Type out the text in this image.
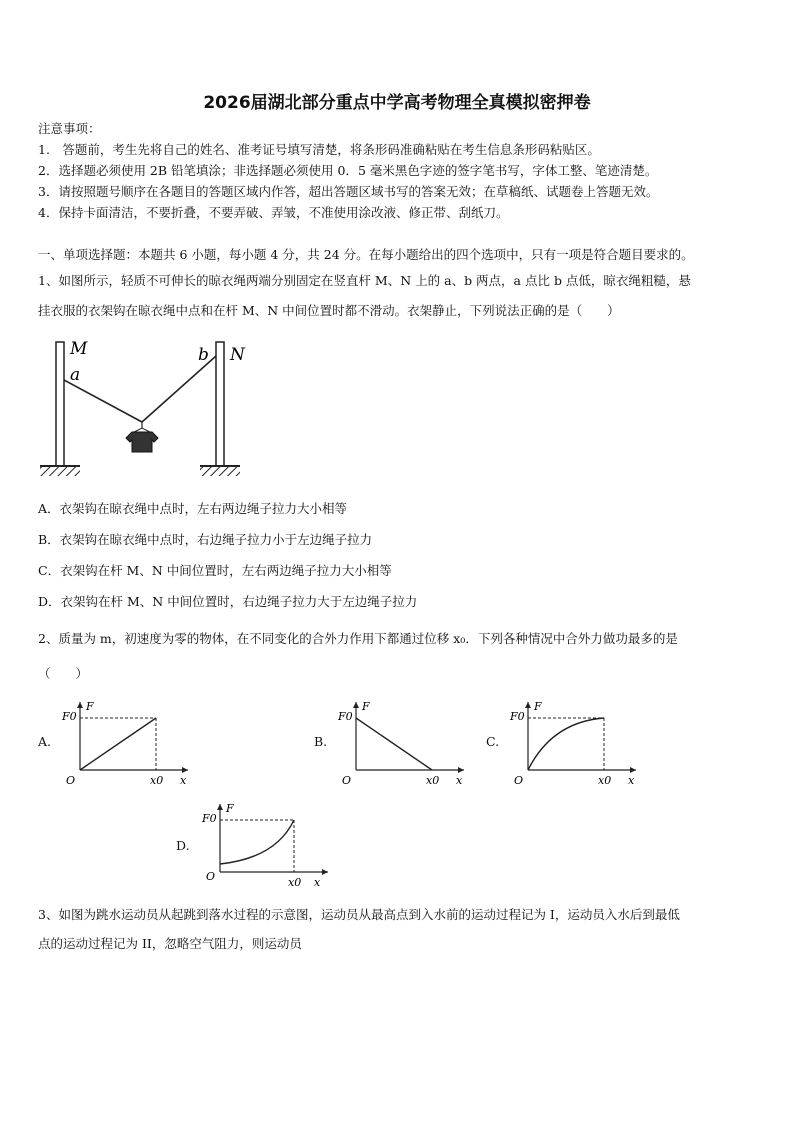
2026届湖北部分重点中学高考物理全真模拟密押卷
注意事项：
1.　答题前，考生先将自己的姓名、准考证号填写清楚，将条形码准确粘贴在考生信息条形码粘贴区。
2．选择题必须使用 2B 铅笔填涂；非选择题必须使用 0．5 毫米黑色字迹的签字笔书写，字体工整、笔迹清楚。
3．请按照题号顺序在各题目的答题区域内作答，超出答题区域书写的答案无效；在草稿纸、试题卷上答题无效。
4．保持卡面清洁，不要折叠，不要弄破、弄皱，不准使用涂改液、修正带、刮纸刀。
一、单项选择题：本题共 6 小题，每小题 4 分，共 24 分。在每小题给出的四个选项中，只有一项是符合题目要求的。
1、如图所示，轻质不可伸长的晾衣绳两端分别固定在竖直杆 M、N 上的 a、b 两点，a 点比 b 点低，晾衣绳粗糙，悬
挂衣服的衣架钩在晾衣绳中点和在杆 M、N 中间位置时都不滑动。衣架静止，下列说法正确的是（　　）
M
a
b N
A．衣架钩在晾衣绳中点时，左右两边绳子拉力大小相等
B．衣架钩在晾衣绳中点时，右边绳子拉力小于左边绳子拉力
C．衣架钩在杆 M、N 中间位置时，左右两边绳子拉力大小相等
D．衣架钩在杆 M、N 中间位置时，右边绳子拉力大于左边绳子拉力
2、质量为 m，初速度为零的物体，在不同变化的合外力作用下都通过位移 x₀．下列各种情况中合外力做功最多的是
（　　）
A.
F0
F
O	x0 x
B.
F0
F
O	x0 x
C.
F0
F
O	x0 x
D.
F0
F
O	x0 x
3、如图为跳水运动员从起跳到落水过程的示意图，运动员从最高点到入水前的运动过程记为 I，运动员入水后到最低
点的运动过程记为 II，忽略空气阻力，则运动员
